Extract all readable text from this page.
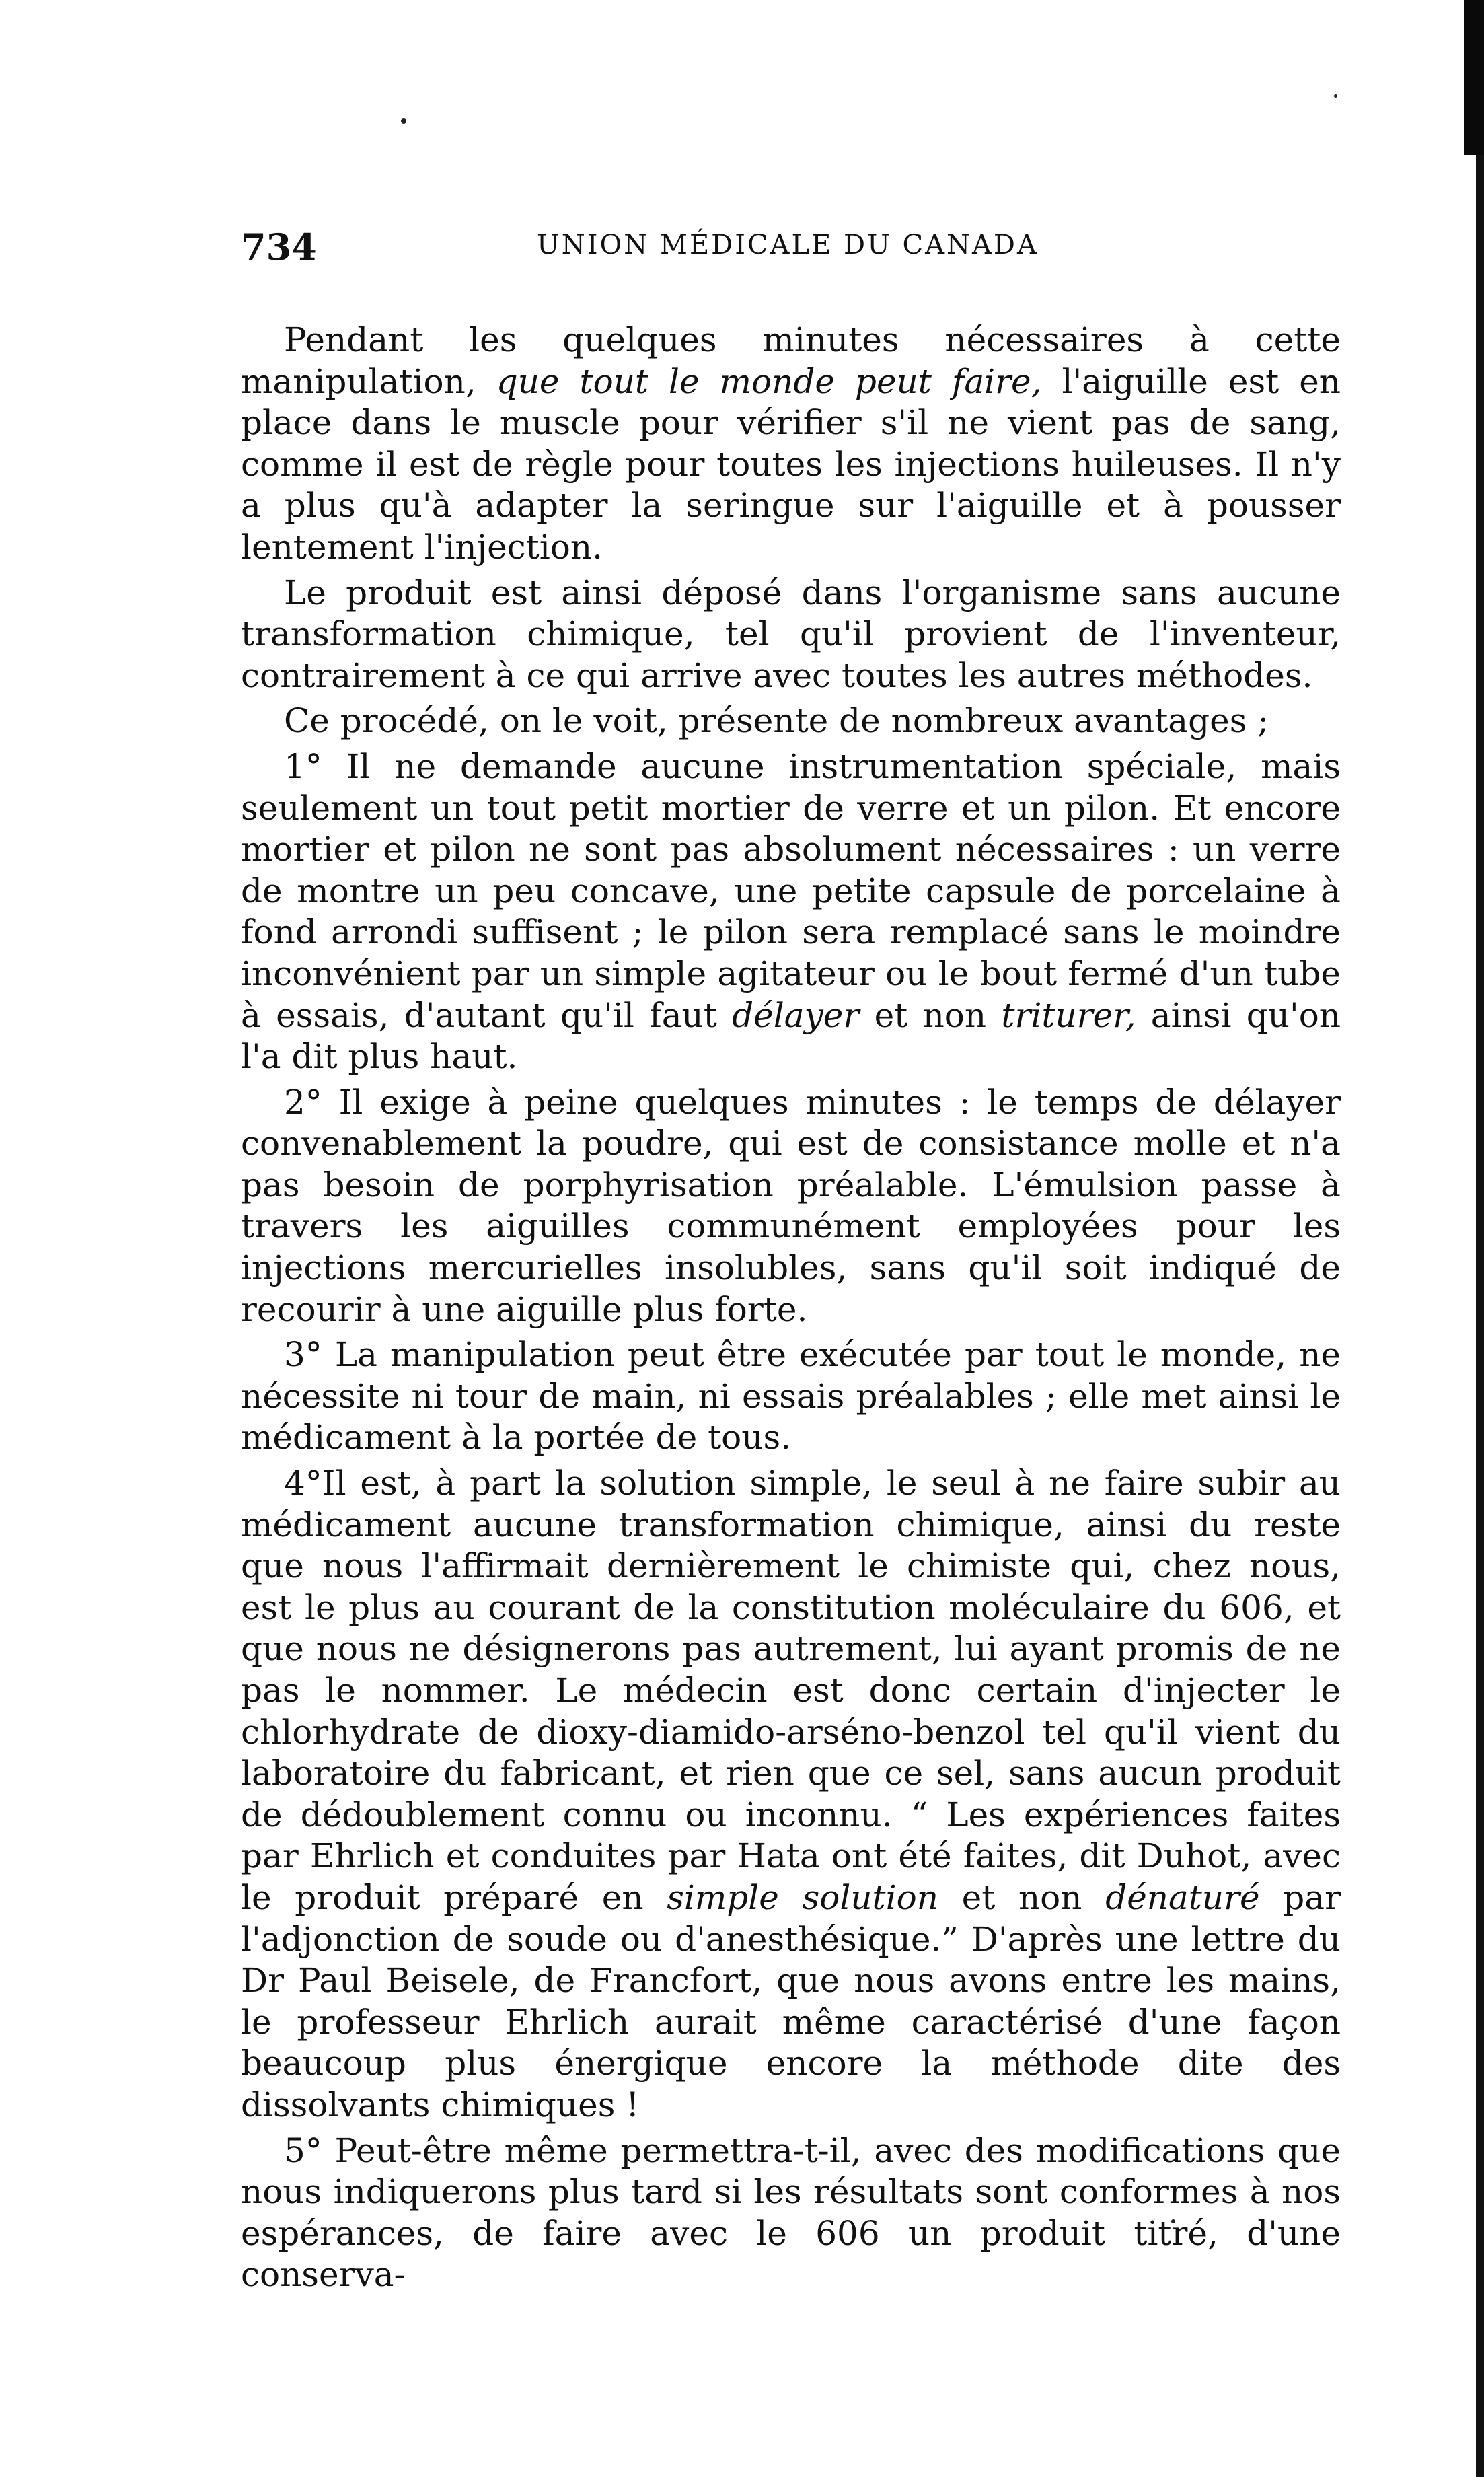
734	UNION MÉDICALE DU CANADA

Pendant les quelques minutes nécessaires à cette manipulation, que tout le monde peut faire, l'aiguille est en place dans le muscle pour vérifier s'il ne vient pas de sang, comme il est de règle pour toutes les injections huileuses. Il n'y a plus qu'à adapter la seringue sur l'aiguille et à pousser lentement l'injection.

Le produit est ainsi déposé dans l'organisme sans aucune transformation chimique, tel qu'il provient de l'inventeur, contrairement à ce qui arrive avec toutes les autres méthodes.

Ce procédé, on le voit, présente de nombreux avantages ;

1° Il ne demande aucune instrumentation spéciale, mais seulement un tout petit mortier de verre et un pilon. Et encore mortier et pilon ne sont pas absolument nécessaires : un verre de montre un peu concave, une petite capsule de porcelaine à fond arrondi suffisent ; le pilon sera remplacé sans le moindre inconvénient par un simple agitateur ou le bout fermé d'un tube à essais, d'autant qu'il faut délayer et non triturer, ainsi qu'on l'a dit plus haut.

2° Il exige à peine quelques minutes : le temps de délayer convenablement la poudre, qui est de consistance molle et n'a pas besoin de porphyrisation préalable. L'émulsion passe à travers les aiguilles communément employées pour les injections mercurielles insolubles, sans qu'il soit indiqué de recourir à une aiguille plus forte.

3° La manipulation peut être exécutée par tout le monde, ne nécessite ni tour de main, ni essais préalables ; elle met ainsi le médicament à la portée de tous.

4°Il est, à part la solution simple, le seul à ne faire subir au médicament aucune transformation chimique, ainsi du reste que nous l'affirmait dernièrement le chimiste qui, chez nous, est le plus au courant de la constitution moléculaire du 606, et que nous ne désignerons pas autrement, lui ayant promis de ne pas le nommer. Le médecin est donc certain d'injecter le chlorhydrate de dioxy-diamido-arséno-benzol tel qu'il vient du laboratoire du fabricant, et rien que ce sel, sans aucun produit de dédoublement connu ou inconnu. “ Les expériences faites par Ehrlich et conduites par Hata ont été faites, dit Duhot, avec le produit préparé en simple solution et non dénaturé par l'adjonction de soude ou d'anesthésique.” D'après une lettre du Dr Paul Beisele, de Francfort, que nous avons entre les mains, le professeur Ehrlich aurait même caractérisé d'une façon beaucoup plus énergique encore la méthode dite des dissolvants chimiques !

5° Peut-être même permettra-t-il, avec des modifications que nous indiquerons plus tard si les résultats sont conformes à nos espérances, de faire avec le 606 un produit titré, d'une conserva-
